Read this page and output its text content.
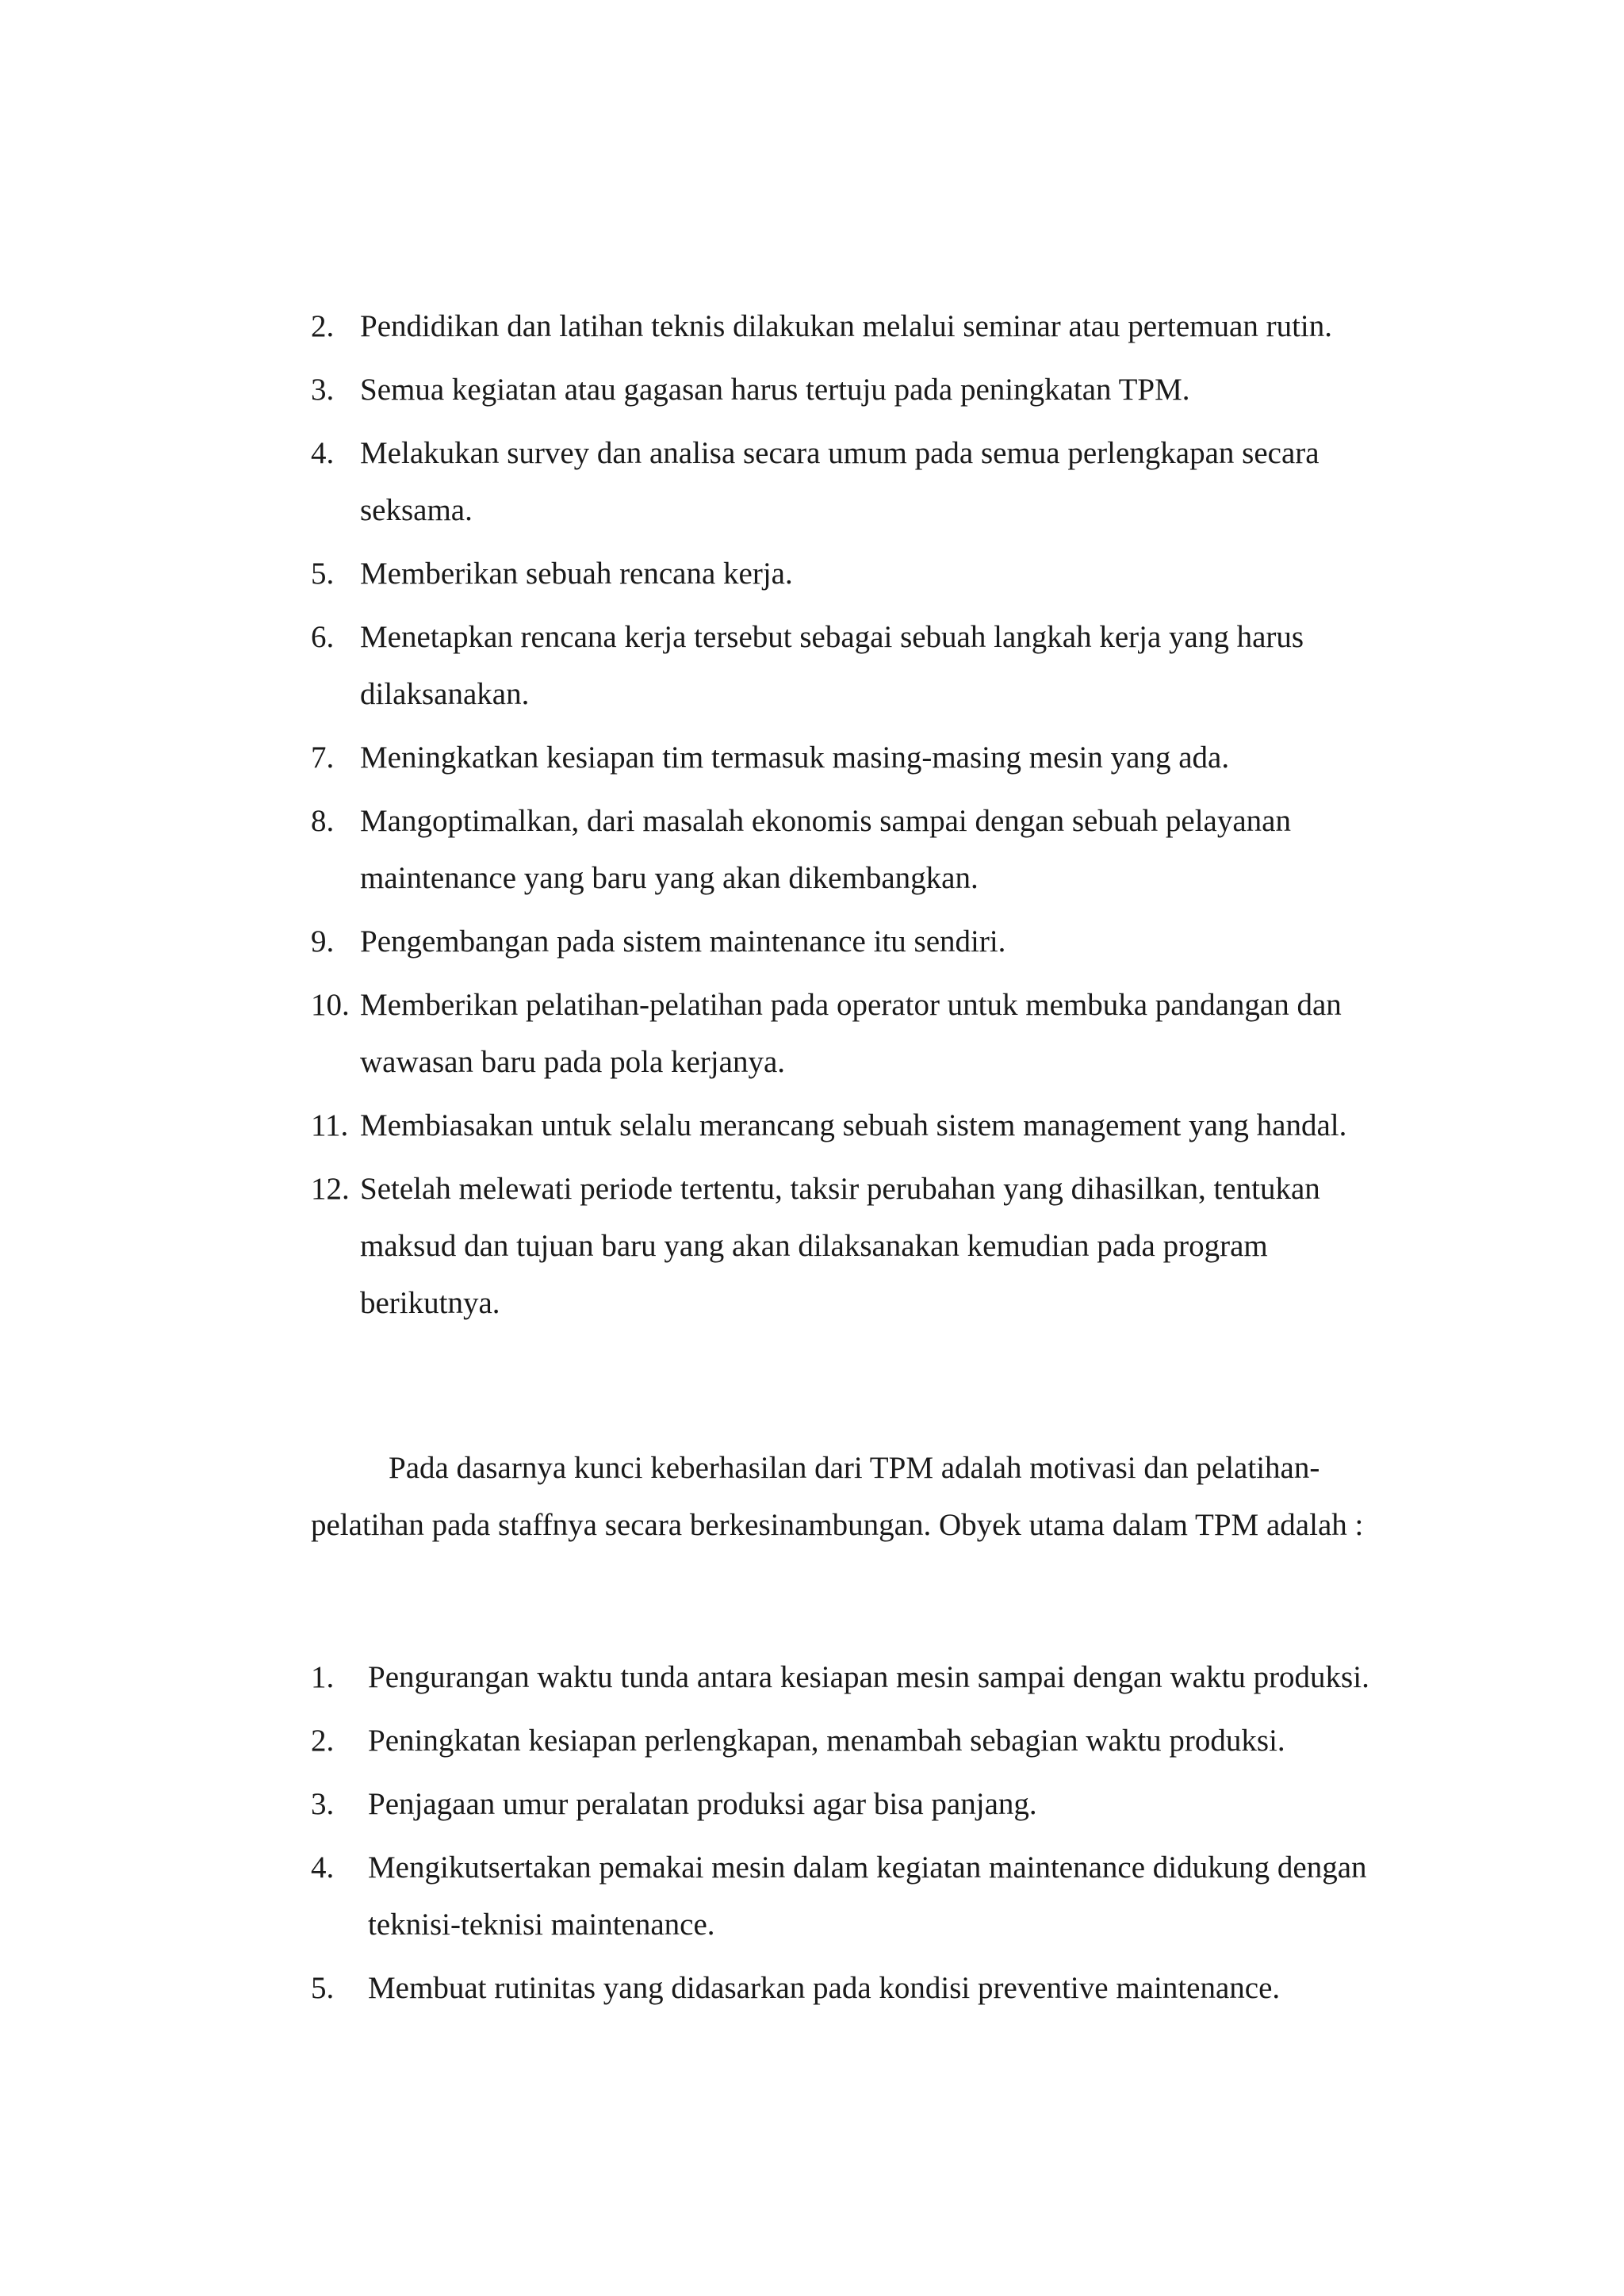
2. Pendidikan dan latihan teknis dilakukan melalui seminar atau pertemuan rutin.
3. Semua kegiatan atau gagasan harus tertuju pada peningkatan TPM.
4. Melakukan survey dan analisa secara umum pada semua perlengkapan secara seksama.
5. Memberikan sebuah rencana kerja.
6. Menetapkan rencana kerja tersebut sebagai sebuah langkah kerja yang harus dilaksanakan.
7. Meningkatkan kesiapan tim termasuk masing-masing mesin yang ada.
8. Mangoptimalkan, dari masalah ekonomis sampai dengan sebuah pelayanan maintenance yang baru yang akan dikembangkan.
9. Pengembangan pada sistem maintenance itu sendiri.
10. Memberikan pelatihan-pelatihan pada operator untuk membuka pandangan dan wawasan baru pada pola kerjanya.
11. Membiasakan untuk selalu merancang sebuah sistem management yang handal.
12. Setelah melewati periode tertentu, taksir perubahan yang dihasilkan, tentukan maksud dan tujuan baru yang akan dilaksanakan kemudian pada program berikutnya.

Pada dasarnya kunci keberhasilan dari TPM adalah motivasi dan pelatihan-pelatihan pada staffnya secara berkesinambungan. Obyek utama dalam TPM adalah :

1. Pengurangan waktu tunda antara kesiapan mesin sampai dengan waktu produksi.
2. Peningkatan kesiapan perlengkapan, menambah sebagian waktu produksi.
3. Penjagaan umur peralatan produksi agar bisa panjang.
4. Mengikutsertakan pemakai mesin dalam kegiatan maintenance didukung dengan teknisi-teknisi maintenance.
5. Membuat rutinitas yang didasarkan pada kondisi preventive maintenance.
